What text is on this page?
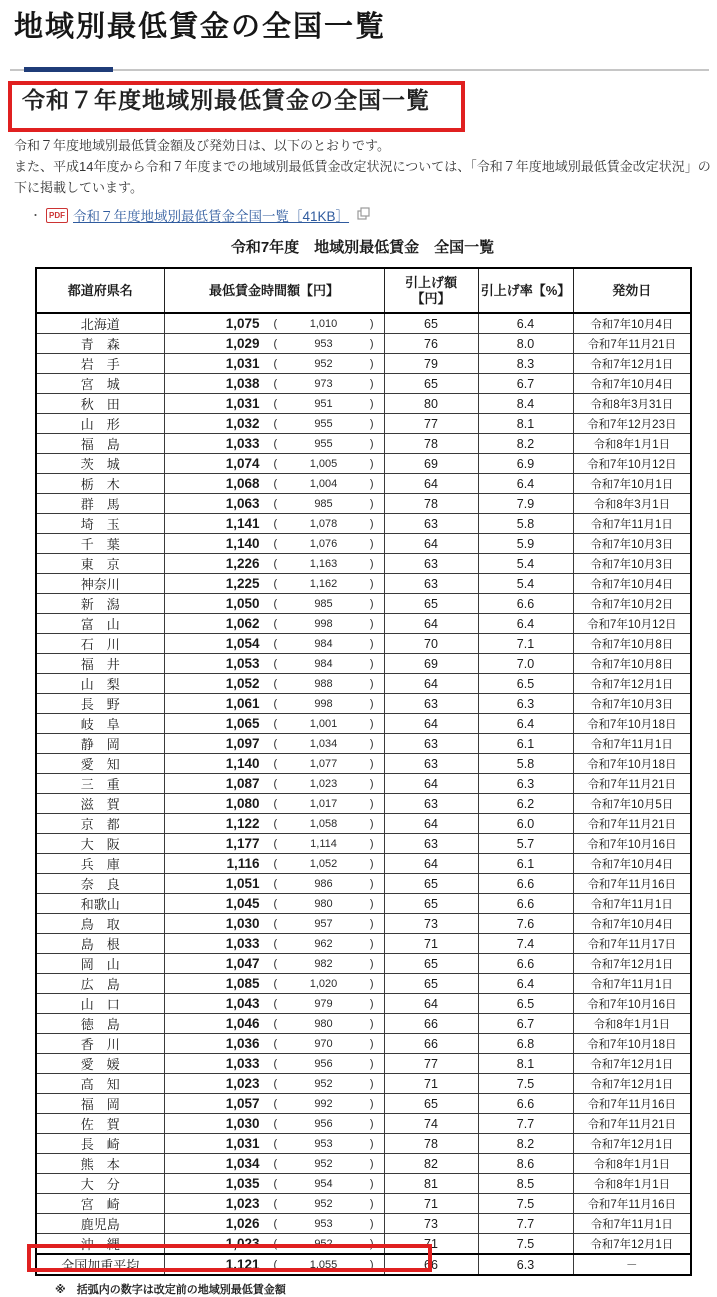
地域別最低賃金の全国一覧
令和７年度地域別最低賃金の全国一覧

令和７年度地域別最低賃金額及び発効日は、以下のとおりです。

また、平成14年度から令和７年度までの地域別最低賃金改定状況については、「令和７年度地域別最低賃金改定状況」の下に掲載しています。

・	PDF 令和７年度地域別最低賃金全国一覧［41KB］
令和7年度　地域別最低賃金　全国一覧
都道府県名	最低賃金時間額【円】	引上げ額
【円】	引上げ率【%】	発効日
北海道	1,075 ( 1,010 )	65	6.4	令和7年10月4日
青　森	1,029 ( 953 )	76	8.0	令和7年11月21日
岩　手	1,031 ( 952 )	79	8.3	令和7年12月1日
宮　城	1,038 ( 973 )	65	6.7	令和7年10月4日
秋　田	1,031 ( 951 )	80	8.4	令和8年3月31日
山　形	1,032 ( 955 )	77	8.1	令和7年12月23日
福　島	1,033 ( 955 )	78	8.2	令和8年1月1日
茨　城	1,074 ( 1,005 )	69	6.9	令和7年10月12日
栃　木	1,068 ( 1,004 )	64	6.4	令和7年10月1日
群　馬	1,063 ( 985 )	78	7.9	令和8年3月1日
埼　玉	1,141 ( 1,078 )	63	5.8	令和7年11月1日
千　葉	1,140 ( 1,076 )	64	5.9	令和7年10月3日
東　京	1,226 ( 1,163 )	63	5.4	令和7年10月3日
神奈川	1,225 ( 1,162 )	63	5.4	令和7年10月4日
新　潟	1,050 ( 985 )	65	6.6	令和7年10月2日
富　山	1,062 ( 998 )	64	6.4	令和7年10月12日
石　川	1,054 ( 984 )	70	7.1	令和7年10月8日
福　井	1,053 ( 984 )	69	7.0	令和7年10月8日
山　梨	1,052 ( 988 )	64	6.5	令和7年12月1日
長　野	1,061 ( 998 )	63	6.3	令和7年10月3日
岐　阜	1,065 ( 1,001 )	64	6.4	令和7年10月18日
静　岡	1,097 ( 1,034 )	63	6.1	令和7年11月1日
愛　知	1,140 ( 1,077 )	63	5.8	令和7年10月18日
三　重	1,087 ( 1,023 )	64	6.3	令和7年11月21日
滋　賀	1,080 ( 1,017 )	63	6.2	令和7年10月5日
京　都	1,122 ( 1,058 )	64	6.0	令和7年11月21日
大　阪	1,177 ( 1,114 )	63	5.7	令和7年10月16日
兵　庫	1,116 ( 1,052 )	64	6.1	令和7年10月4日
奈　良	1,051 ( 986 )	65	6.6	令和7年11月16日
和歌山	1,045 ( 980 )	65	6.6	令和7年11月1日
鳥　取	1,030 ( 957 )	73	7.6	令和7年10月4日
島　根	1,033 ( 962 )	71	7.4	令和7年11月17日
岡　山	1,047 ( 982 )	65	6.6	令和7年12月1日
広　島	1,085 ( 1,020 )	65	6.4	令和7年11月1日
山　口	1,043 ( 979 )	64	6.5	令和7年10月16日
徳　島	1,046 ( 980 )	66	6.7	令和8年1月1日
香　川	1,036 ( 970 )	66	6.8	令和7年10月18日
愛　媛	1,033 ( 956 )	77	8.1	令和7年12月1日
高　知	1,023 ( 952 )	71	7.5	令和7年12月1日
福　岡	1,057 ( 992 )	65	6.6	令和7年11月16日
佐　賀	1,030 ( 956 )	74	7.7	令和7年11月21日
長　崎	1,031 ( 953 )	78	8.2	令和7年12月1日
熊　本	1,034 ( 952 )	82	8.6	令和8年1月1日
大　分	1,035 ( 954 )	81	8.5	令和8年1月1日
宮　崎	1,023 ( 952 )	71	7.5	令和7年11月16日
鹿児島	1,026 ( 953 )	73	7.7	令和7年11月1日
沖　縄	1,023 ( 952 )	71	7.5	令和7年12月1日
全国加重平均	1,121 ( 1,055 )	66	6.3	－
※　括弧内の数字は改定前の地域別最低賃金額
